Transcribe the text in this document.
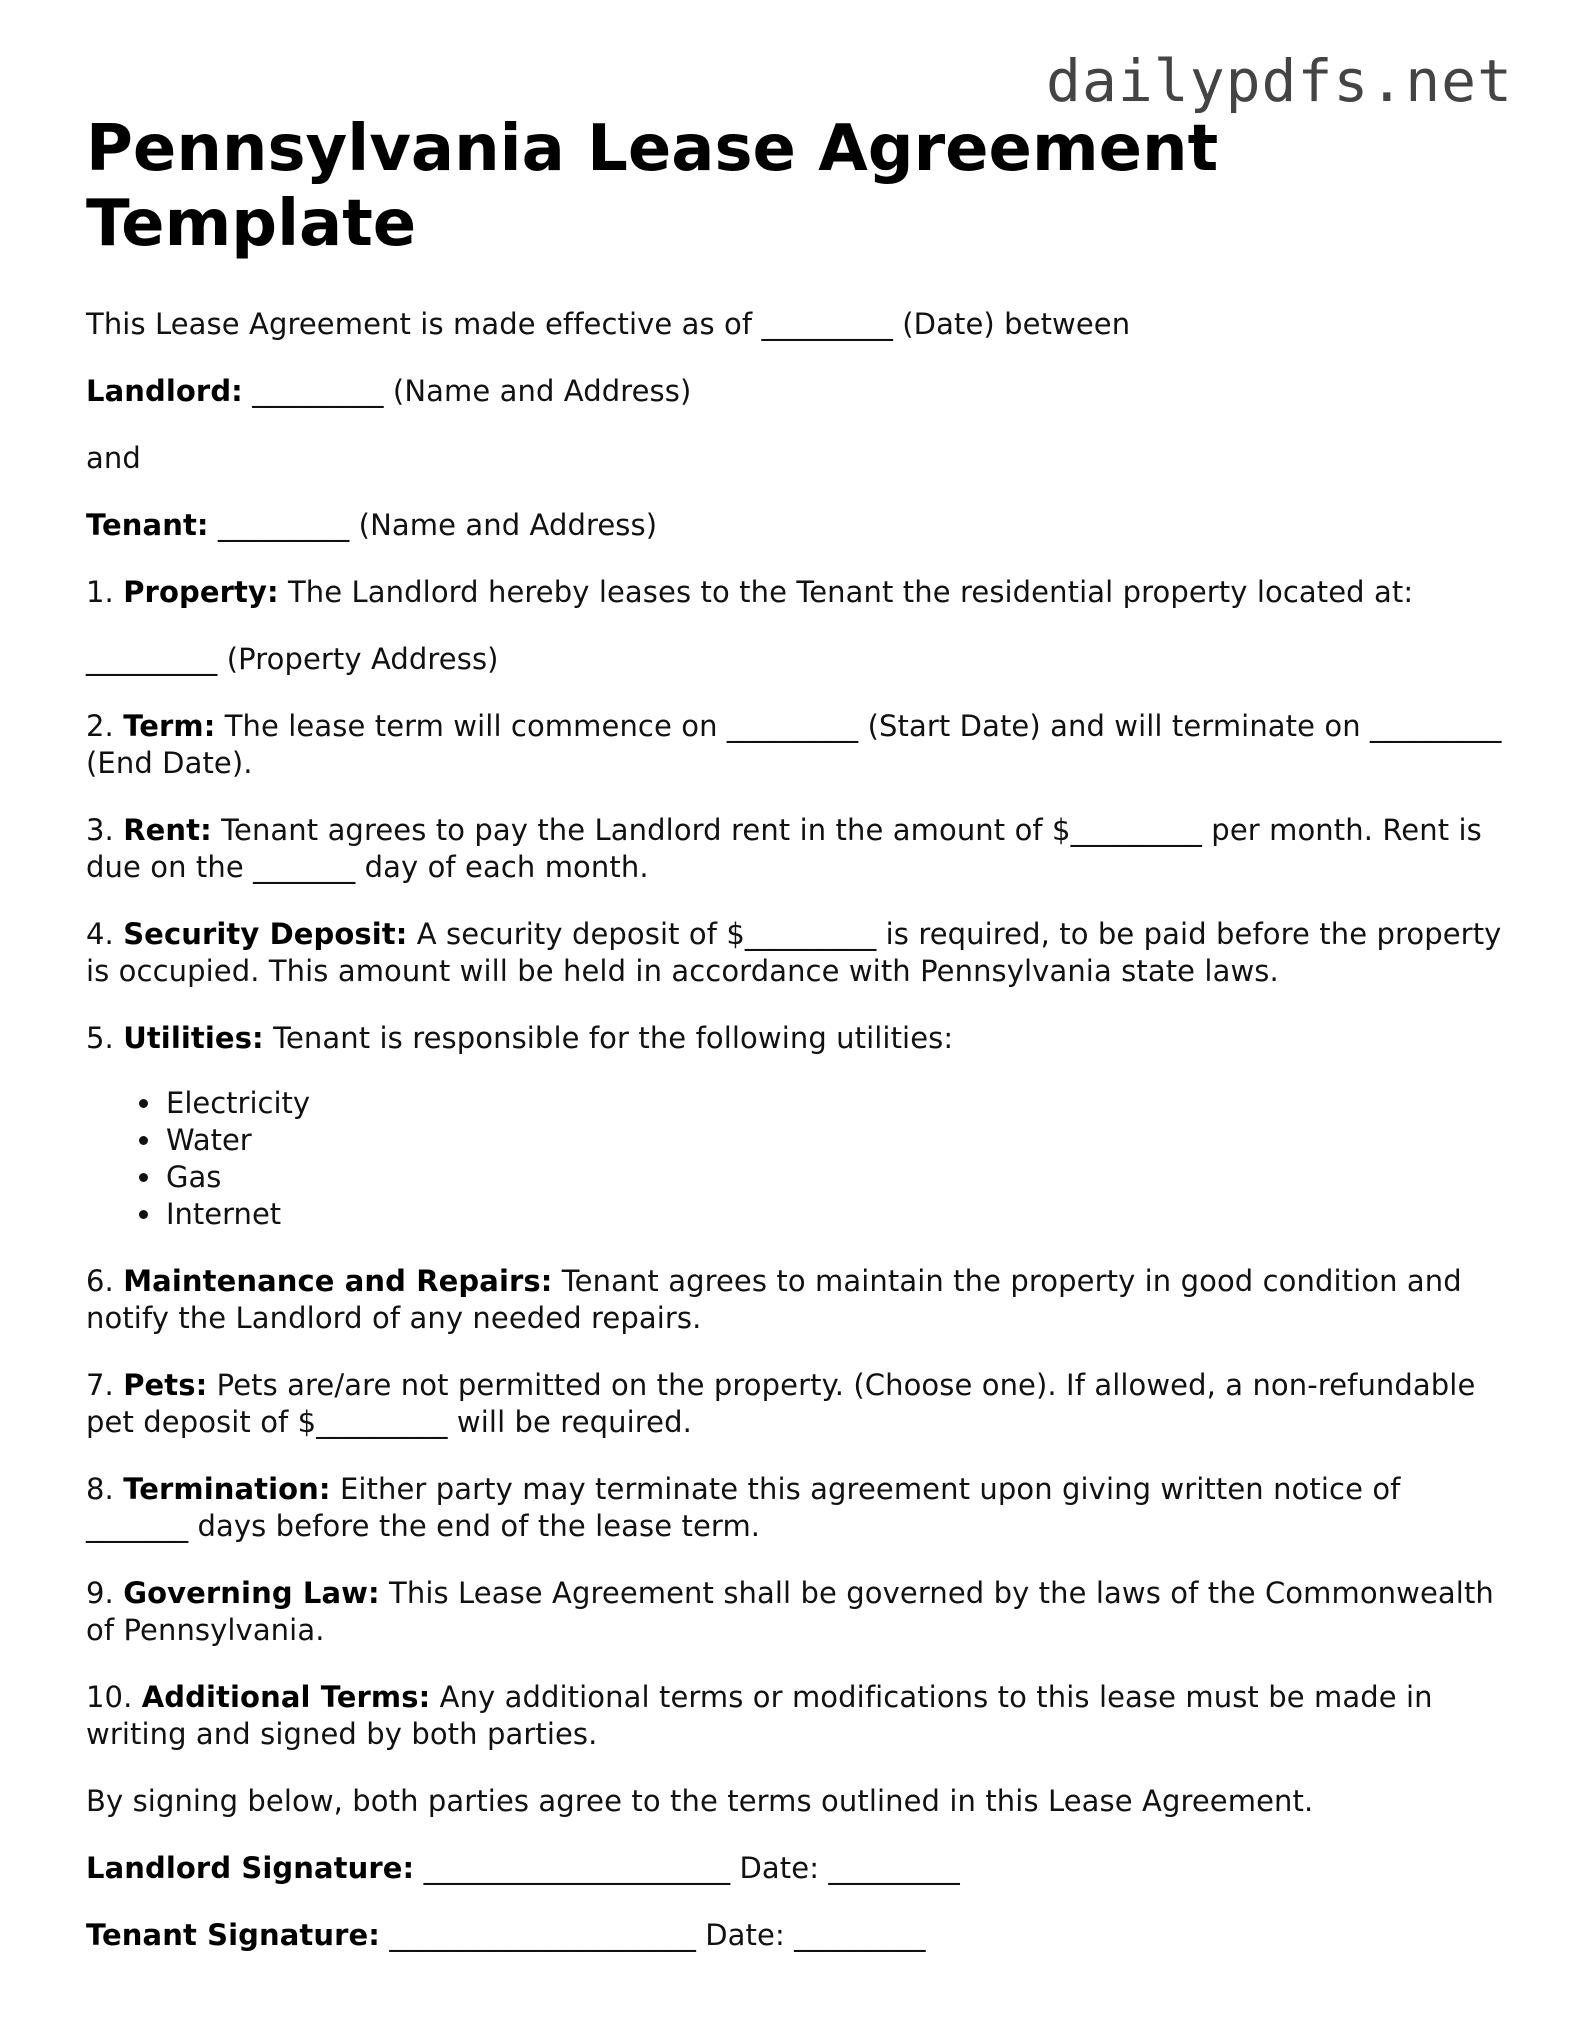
dailypdfs.net
Pennsylvania Lease Agreement Template

This Lease Agreement is made effective as of _________ (Date) between

Landlord: _________ (Name and Address)

and

Tenant: _________ (Name and Address)

1. Property: The Landlord hereby leases to the Tenant the residential property located at:

_________ (Property Address)

2. Term: The lease term will commence on _________ (Start Date) and will terminate on _________ (End Date).

3. Rent: Tenant agrees to pay the Landlord rent in the amount of $_________ per month. Rent is due on the _______ day of each month.

4. Security Deposit: A security deposit of $_________ is required, to be paid before the property is occupied. This amount will be held in accordance with Pennsylvania state laws.

5. Utilities: Tenant is responsible for the following utilities:

• Electricity
• Water
• Gas
• Internet

6. Maintenance and Repairs: Tenant agrees to maintain the property in good condition and notify the Landlord of any needed repairs.

7. Pets: Pets are/are not permitted on the property. (Choose one). If allowed, a non-refundable pet deposit of $_________ will be required.

8. Termination: Either party may terminate this agreement upon giving written notice of _______ days before the end of the lease term.

9. Governing Law: This Lease Agreement shall be governed by the laws of the Commonwealth of Pennsylvania.

10. Additional Terms: Any additional terms or modifications to this lease must be made in writing and signed by both parties.

By signing below, both parties agree to the terms outlined in this Lease Agreement.

Landlord Signature: _____________________ Date: _________

Tenant Signature: _____________________ Date: _________
